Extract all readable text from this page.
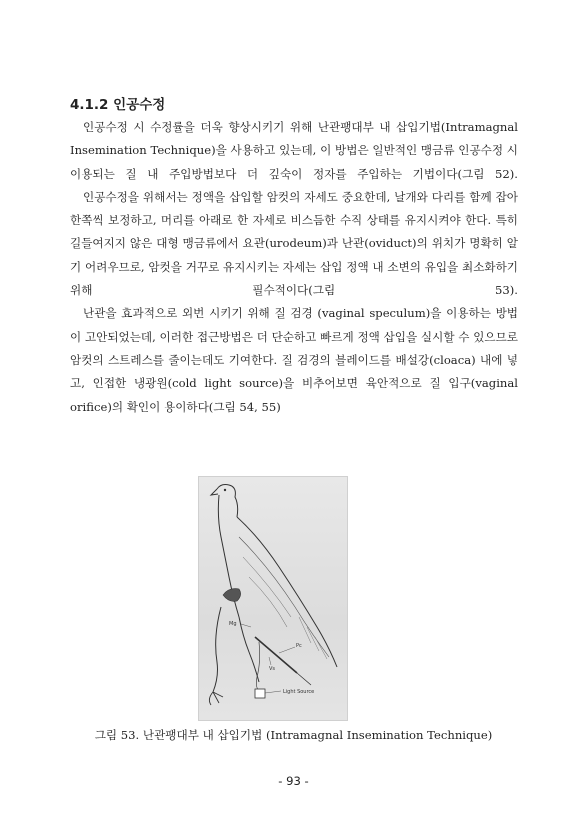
4.1.2 인공수정

인공수정 시 수정률을 더욱 향상시키기 위해 난관팽대부 내 삽입기법(Intramagnal Insemination Technique)을 사용하고 있는데, 이 방법은 일반적인 맹금류 인공수정 시 이용되는 질 내 주입방법보다 더 깊숙이 정자를 주입하는 기법이다(그림 52).

인공수정을 위해서는 정액을 삽입할 암컷의 자세도 중요한데, 날개와 다리를 함께 잡아 한쪽씩 보정하고, 머리를 아래로 한 자세로 비스듬한 수직 상태를 유지시켜야 한다. 특히 길들여지지 않은 대형 맹금류에서 요관(urodeum)과 난관(oviduct)의 위치가 명확히 알기 어려우므로, 암컷을 거꾸로 유지시키는 자세는 삽입 정액 내 소변의 유입을 최소화하기 위해 필수적이다(그림 53).

난관을 효과적으로 외번 시키기 위해 질 검경 (vaginal speculum)을 이용하는 방법이 고안되었는데, 이러한 접근방법은 더 단순하고 빠르게 정액 삽입을 실시할 수 있으므로 암컷의 스트레스를 줄이는데도 기여한다. 질 검경의 블레이드를 배설강(cloaca) 내에 넣고, 인접한 냉광원(cold light source)을 비추어보면 육안적으로 질 입구(vaginal orifice)의 확인이 용이하다(그림 54, 55)

Mg
Pc
Vs
Light Source
그림 53. 난관팽대부 내 삽입기법 (Intramagnal Insemination Technique)
- 93 -
